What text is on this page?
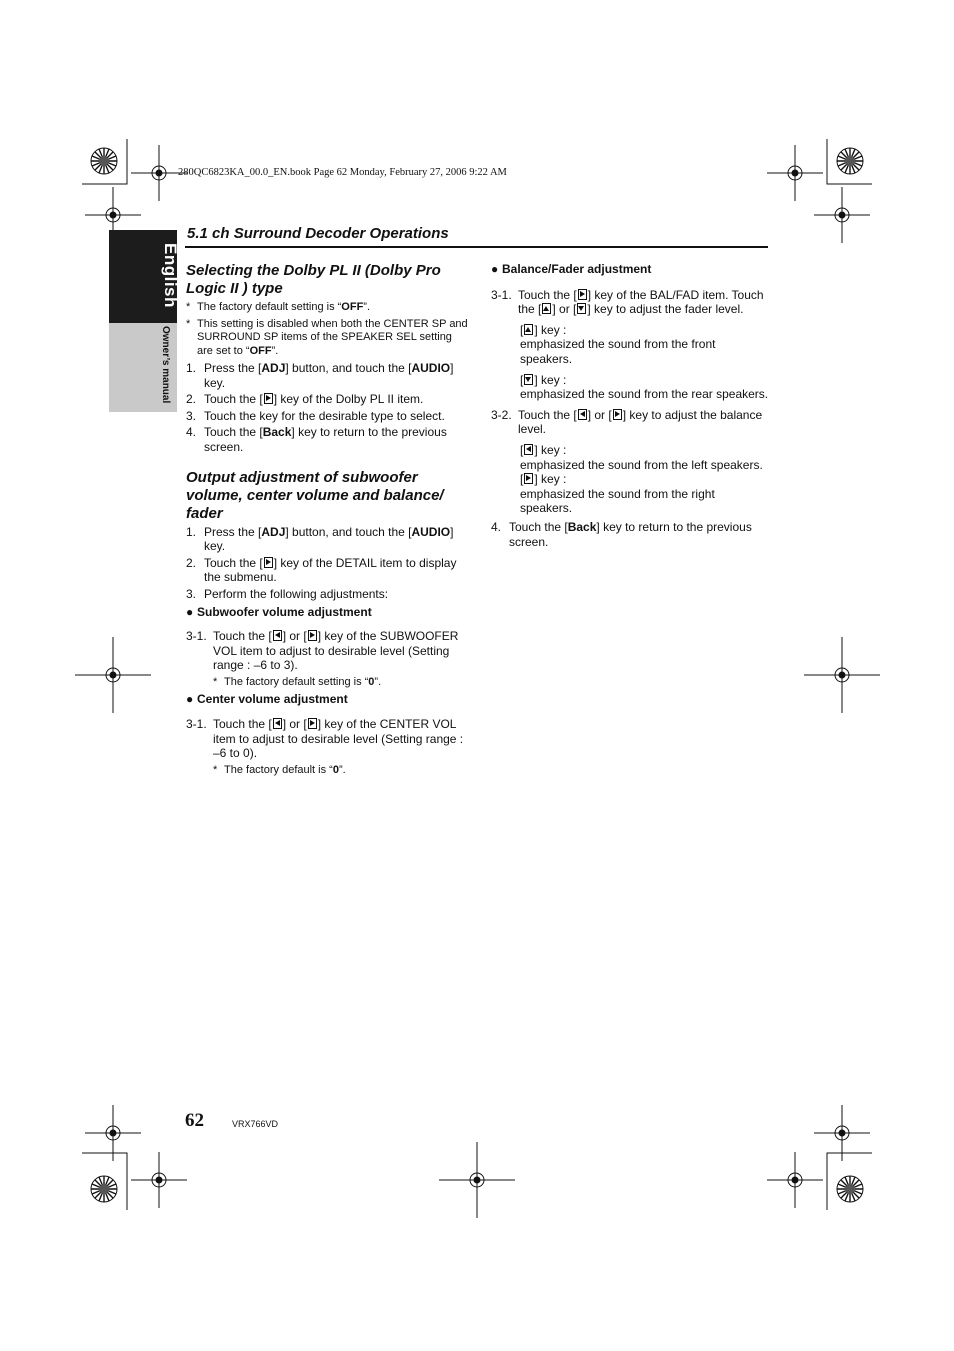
280QC6823KA_00.0_EN.book Page 62 Monday, February 27, 2006 9:22 AM
English
Owner’s manual
5.1 ch Surround Decoder Operations
Selecting the Dolby PL II (Dolby Pro Logic II ) type

* The factory default setting is “OFF”.

* This setting is disabled when both the CENTER SP and SURROUND SP items of the SPEAKER SEL setting are set to “OFF”.

1. Press the [ADJ] button, and touch the [AUDIO] key.

2. Touch the [ ] key of the Dolby PL II item.

3. Touch the key for the desirable type to select.

4. Touch the [Back] key to return to the previous screen.

Output adjustment of subwoofer volume, center volume and balance/ fader

1. Press the [ADJ] button, and touch the [AUDIO] key.

2. Touch the [ ] key of the DETAIL item to display the submenu.

3. Perform the following adjustments:

● Subwoofer volume adjustment

3-1. Touch the [ ] or [ ] key of the SUBWOOFER VOL item to adjust to desirable level (Setting range : –6 to 3).

* The factory default setting is “0”.

● Center volume adjustment

3-1. Touch the [ ] or [ ] key of the CENTER VOL item to adjust to desirable level (Setting range : –6 to 0).

* The factory default is “0”.

● Balance/Fader adjustment

3-1. Touch the [ ] key of the BAL/FAD item. Touch the [ ] or [ ] key to adjust the fader level.

[ ] key :
emphasized the sound from the front speakers.

[ ] key :
emphasized the sound from the rear speakers.

3-2. Touch the [ ] or [ ] key to adjust the balance level.

[ ] key :
emphasized the sound from the left speakers.

[ ] key :
emphasized the sound from the right speakers.

4. Touch the [Back] key to return to the previous screen.

62	VRX766VD
